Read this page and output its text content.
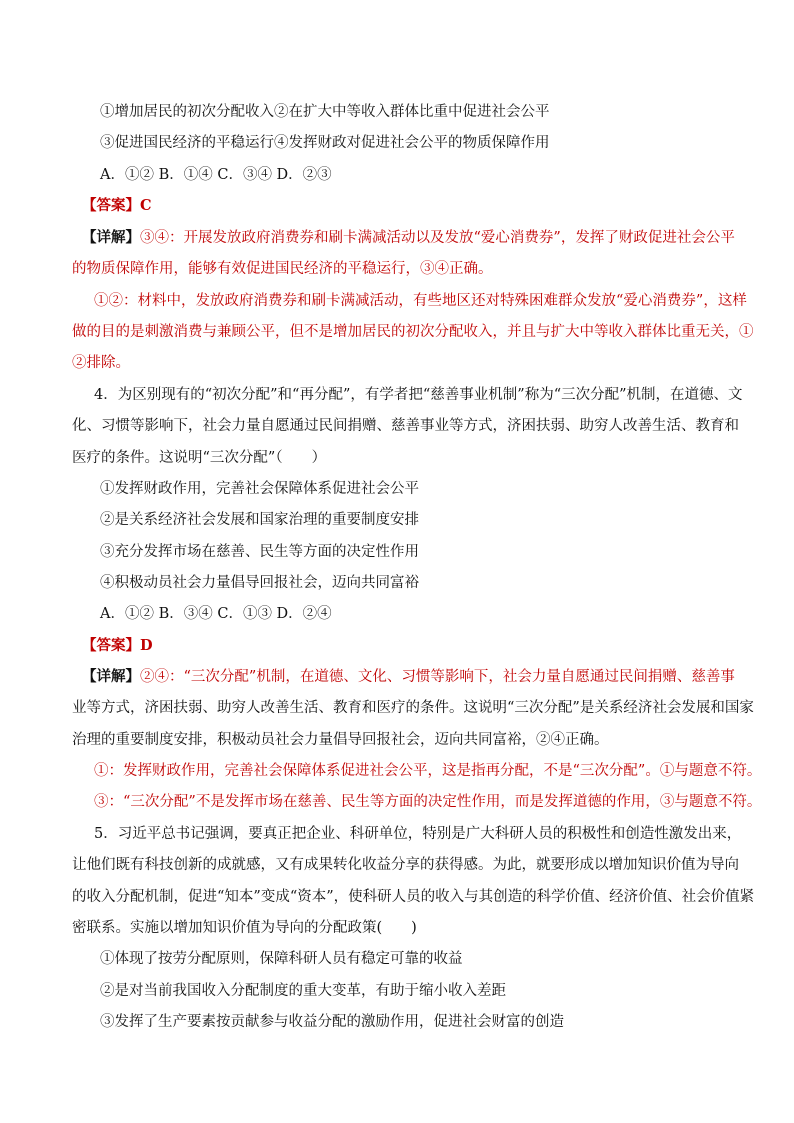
①增加居民的初次分配收入②在扩大中等收入群体比重中促进社会公平
③促进国民经济的平稳运行④发挥财政对促进社会公平的物质保障作用
A．①② B．①④ C．③④ D．②③
【答案】C
【详解】③④：开展发放政府消费券和刷卡满减活动以及发放“爱心消费券”，发挥了财政促进社会公平
的物质保障作用，能够有效促进国民经济的平稳运行，③④正确。
①②：材料中，发放政府消费券和刷卡满减活动，有些地区还对特殊困难群众发放“爱心消费券”，这样
做的目的是刺激消费与兼顾公平，但不是增加居民的初次分配收入，并且与扩大中等收入群体比重无关，①
②排除。
4．为区别现有的“初次分配”和“再分配”，有学者把“慈善事业机制”称为“三次分配”机制，在道德、文
化、习惯等影响下，社会力量自愿通过民间捐赠、慈善事业等方式，济困扶弱、助穷人改善生活、教育和
医疗的条件。这说明“三次分配”（　　）
①发挥财政作用，完善社会保障体系促进社会公平
②是关系经济社会发展和国家治理的重要制度安排
③充分发挥市场在慈善、民生等方面的决定性作用
④积极动员社会力量倡导回报社会，迈向共同富裕
A．①② B．③④ C．①③ D．②④
【答案】D
【详解】②④：“三次分配”机制，在道德、文化、习惯等影响下，社会力量自愿通过民间捐赠、慈善事
业等方式，济困扶弱、助穷人改善生活、教育和医疗的条件。这说明“三次分配”是关系经济社会发展和国家
治理的重要制度安排，积极动员社会力量倡导回报社会，迈向共同富裕，②④正确。
①：发挥财政作用，完善社会保障体系促进社会公平，这是指再分配，不是“三次分配”。①与题意不符。
③：“三次分配”不是发挥市场在慈善、民生等方面的决定性作用，而是发挥道德的作用，③与题意不符。
5．习近平总书记强调，要真正把企业、科研单位，特别是广大科研人员的积极性和创造性激发出来，
让他们既有科技创新的成就感，又有成果转化收益分享的获得感。为此，就要形成以增加知识价值为导向
的收入分配机制，促进“知本”变成“资本”，使科研人员的收入与其创造的科学价值、经济价值、社会价值紧
密联系。实施以增加知识价值为导向的分配政策(　　)
①体现了按劳分配原则，保障科研人员有稳定可靠的收益
②是对当前我国收入分配制度的重大变革，有助于缩小收入差距
③发挥了生产要素按贡献参与收益分配的激励作用，促进社会财富的创造
